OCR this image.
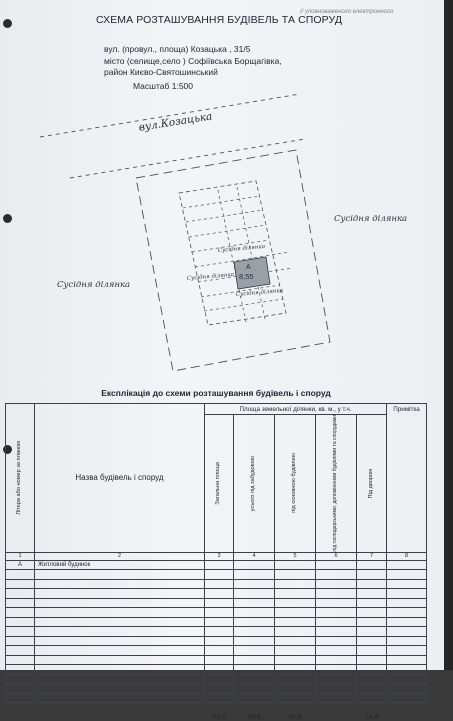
// уповноваженого електронного
СХЕМА РОЗТАШУВАННЯ БУДІВЕЛЬ ТА СПОРУД
вул. (провул., площа) Козацька , 31/5
місто (селище,село ) Софіївська Борщагівка,
район Києво-Святошинський
Масштаб 1:500
А
8,55
Сусідня ділянка
Сусідня ділянка
Сусідня ділянка
Сусідня ділянка
Сусідня ділянка
вул.Козацька
Експлікація до схеми розташування будівель і споруд							

Літера або номер за планом	Назва будівель і споруд	Площа земельної ділянки, кв. м., у т.ч.					Примітка

		Загальна площа	усього під забудовою	під основною будівлею	під господарськими, допоміжними будівлями та спорудами	Під двором	

1	2	3	4	5	6	7	8
А	Житловий будинок						

		53,0	38,6	38,6	-	14,4	
